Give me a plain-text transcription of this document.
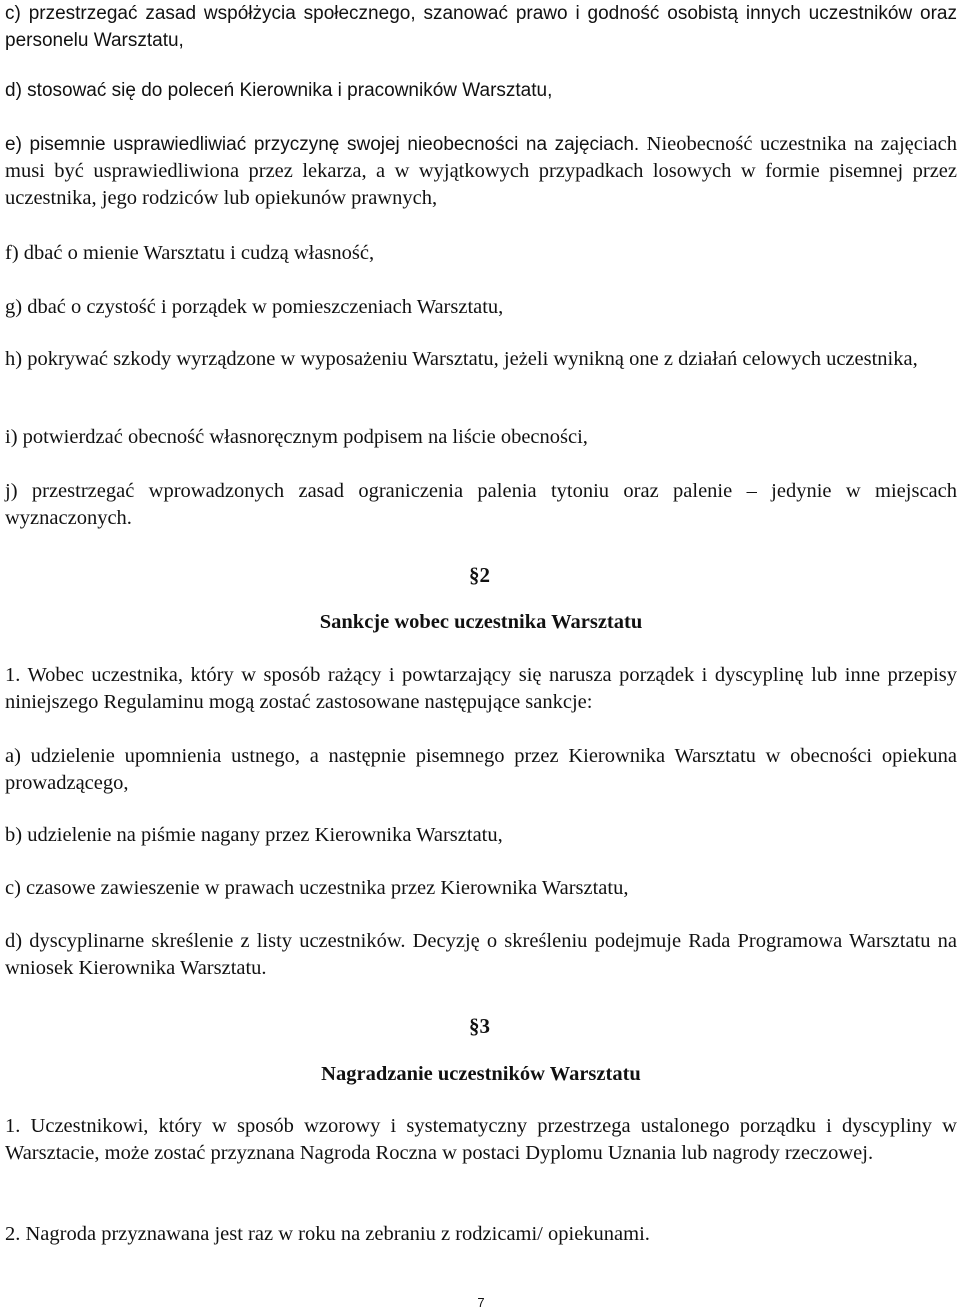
c) przestrzegać zasad współżycia społecznego, szanować prawo i godność osobistą innych uczestników oraz personelu Warsztatu,

d) stosować się do poleceń Kierownika i pracowników Warsztatu,

e) pisemnie usprawiedliwiać przyczynę swojej nieobecności na zajęciach. Nieobecność uczestnika na zajęciach musi być usprawiedliwiona przez lekarza, a w wyjątkowych przypadkach losowych w formie pisemnej przez uczestnika, jego rodziców lub opiekunów prawnych,

f) dbać o mienie Warsztatu i cudzą własność,

g) dbać o czystość i porządek w pomieszczeniach Warsztatu,

h) pokrywać szkody wyrządzone w wyposażeniu Warsztatu, jeżeli wynikną one z działań celowych uczestnika,

i) potwierdzać obecność własnoręcznym podpisem na liście obecności,

j) przestrzegać wprowadzonych zasad ograniczenia palenia tytoniu oraz palenie – jedynie w miejscach wyznaczonych.

§2

Sankcje wobec uczestnika Warsztatu

1. Wobec uczestnika, który w sposób rażący i powtarzający się narusza porządek i dyscyplinę lub inne przepisy niniejszego Regulaminu mogą zostać zastosowane następujące sankcje:

a) udzielenie upomnienia ustnego, a następnie pisemnego przez Kierownika Warsztatu w obecności opiekuna prowadzącego,

b) udzielenie na piśmie nagany przez Kierownika Warsztatu,

c) czasowe zawieszenie w prawach uczestnika przez Kierownika Warsztatu,

d) dyscyplinarne skreślenie z listy uczestników. Decyzję o skreśleniu podejmuje Rada Programowa Warsztatu na wniosek Kierownika Warsztatu.

§3

Nagradzanie uczestników Warsztatu

1. Uczestnikowi, który w sposób wzorowy i systematyczny przestrzega ustalonego porządku i dyscypliny w Warsztacie, może zostać przyznana Nagroda Roczna w postaci Dyplomu Uznania lub nagrody rzeczowej.

2. Nagroda przyznawana jest raz w roku na zebraniu z rodzicami/ opiekunami.

7
